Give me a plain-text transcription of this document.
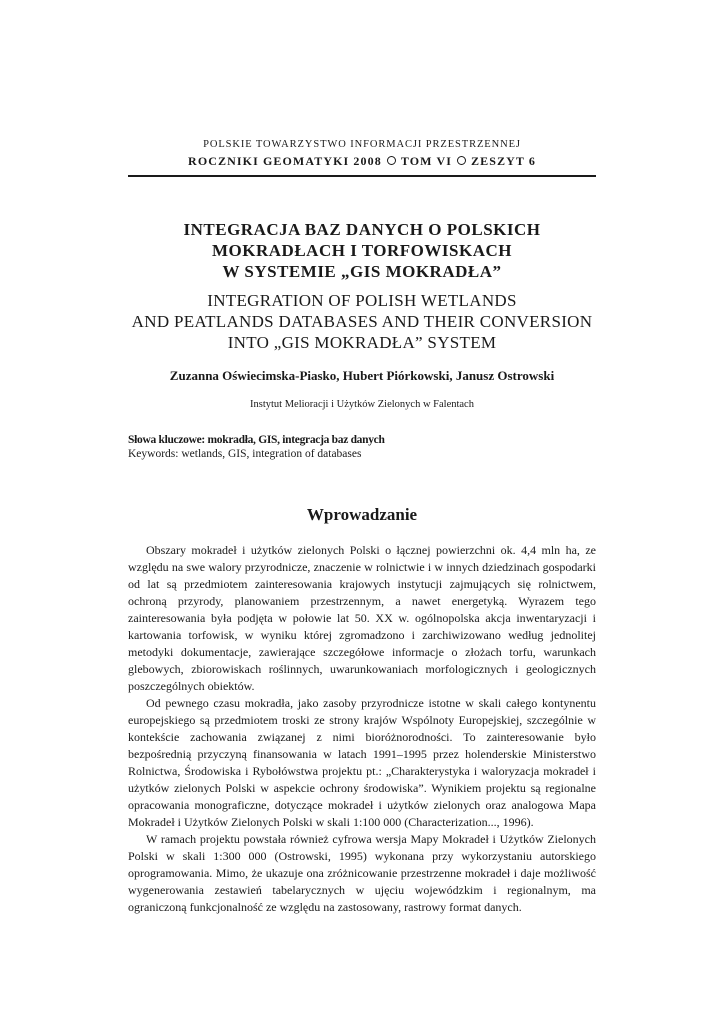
POLSKIE TOWARZYSTWO INFORMACJI PRZESTRZENNEJ
ROCZNIKI GEOMATYKI 2008 TOM VI ZESZYT 6
INTEGRACJA BAZ DANYCH O POLSKICH
MOKRADŁACH I TORFOWISKACH
W SYSTEMIE „GIS MOKRADŁA”
INTEGRATION OF POLISH WETLANDS
AND PEATLANDS DATABASES AND THEIR CONVERSION
INTO „GIS MOKRADŁA” SYSTEM
Zuzanna Oświecimska-Piasko, Hubert Piórkowski, Janusz Ostrowski
Instytut Melioracji i Użytków Zielonych w Falentach
Słowa kluczowe: mokradła, GIS, integracja baz danych
Keywords: wetlands, GIS, integration of databases
Wprowadzanie

Obszary mokradeł i użytków zielonych Polski o łącznej powierzchni ok. 4,4 mln ha, ze względu na swe walory przyrodnicze, znaczenie w rolnictwie i w innych dziedzinach gospodarki od lat są przedmiotem zainteresowania krajowych instytucji zajmujących się rolnictwem, ochroną przyrody, planowaniem przestrzennym, a nawet energetyką. Wyrazem tego zainteresowania była podjęta w połowie lat 50. XX w. ogólnopolska akcja inwentaryzacji i kartowania torfowisk, w wyniku której zgromadzono i zarchiwizowano według jednolitej metodyki dokumentacje, zawierające szczegółowe informacje o złożach torfu, warunkach glebowych, zbiorowiskach roślinnych, uwarunkowaniach morfologicznych i geologicznych poszczególnych obiektów.

Od pewnego czasu mokradła, jako zasoby przyrodnicze istotne w skali całego kontynentu europejskiego są przedmiotem troski ze strony krajów Wspólnoty Europejskiej, szczególnie w kontekście zachowania związanej z nimi bioróżnorodności. To zainteresowanie było bezpośrednią przyczyną finansowania w latach 1991–1995 przez holenderskie Ministerstwo Rolnictwa, Środowiska i Rybołówstwa projektu pt.: „Charakterystyka i waloryzacja mokradeł i użytków zielonych Polski w aspekcie ochrony środowiska”. Wynikiem projektu są regionalne opracowania monograficzne, dotyczące mokradeł i użytków zielonych oraz analogowa Mapa Mokradeł i Użytków Zielonych Polski w skali 1:100 000 (Characterization..., 1996).

W ramach projektu powstała również cyfrowa wersja Mapy Mokradeł i Użytków Zielonych Polski w skali 1:300 000 (Ostrowski, 1995) wykonana przy wykorzystaniu autorskiego oprogramowania. Mimo, że ukazuje ona zróżnicowanie przestrzenne mokradeł i daje możliwość wygenerowania zestawień tabelarycznych w ujęciu wojewódzkim i regionalnym, ma ograniczoną funkcjonalność ze względu na zastosowany, rastrowy format danych.
